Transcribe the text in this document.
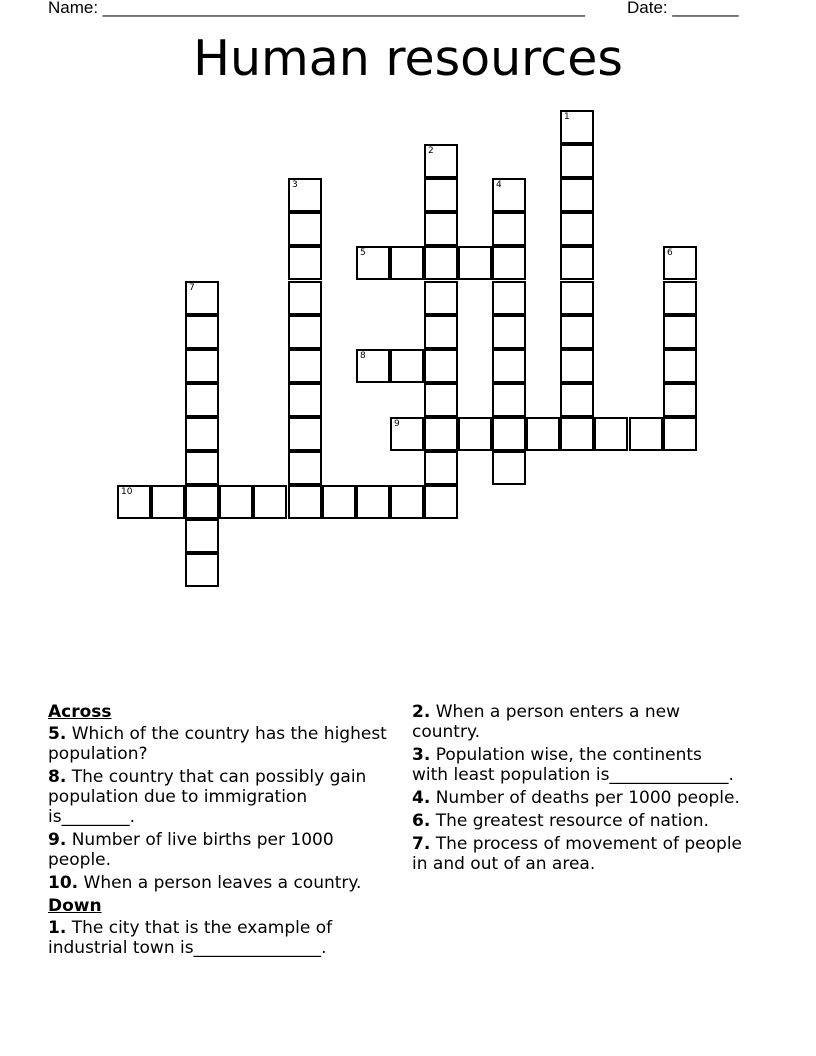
Name: ___________________________________________________ Date: _______
Human resources
1
2
3	4
5	6
7
8
9
10
Across
5. Which of the country has the highest population?
8. The country that can possibly gain population due to immigration is________.
9. Number of live births per 1000 people.
10. When a person leaves a country.
Down
1. The city that is the example of industrial town is_______________.
2. When a person enters a new country.
3. Population wise, the continents with least population is______________.
4. Number of deaths per 1000 people.
6. The greatest resource of nation.
7. The process of movement of people in and out of an area.
